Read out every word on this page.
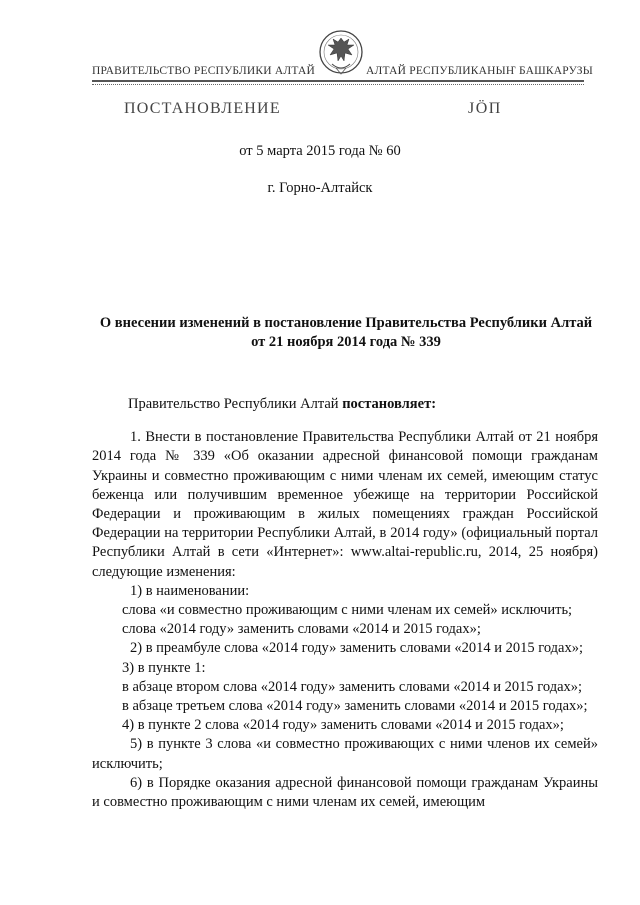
ПРАВИТЕЛЬСТВО РЕСПУБЛИКИ АЛТАЙ	АЛТАЙ РЕСПУБЛИКАНЫҤ БАШКАРУЗЫ
ПОСТАНОВЛЕНИЕ	JÖП
от 5 марта 2015 года № 60
г. Горно-Алтайск
О внесении изменений в постановление Правительства Республики Алтай от 21 ноября 2014 года № 339

Правительство Республики Алтай постановляет:

1. Внести в постановление Правительства Республики Алтай от 21 ноября 2014 года № 339 «Об оказании адресной финансовой помощи гражданам Украины и совместно проживающим с ними членам их семей, имеющим статус беженца или получившим временное убежище на территории Российской Федерации и проживающим в жилых помещениях граждан Российской Федерации на территории Республики Алтай, в 2014 году» (официальный портал Республики Алтай в сети «Интернет»: www.altai-republic.ru, 2014, 25 ноября) следующие изменения:

1) в наименовании:

слова «и совместно проживающим с ними членам их семей» исключить;

слова «2014 году» заменить словами «2014 и 2015 годах»;

2) в преамбуле слова «2014 году» заменить словами «2014 и 2015 годах»;

3) в пункте 1:

в абзаце втором слова «2014 году» заменить словами «2014 и 2015 годах»;

в абзаце третьем слова «2014 году» заменить словами «2014 и 2015 годах»;

4) в пункте 2 слова «2014 году» заменить словами «2014 и 2015 годах»;

5) в пункте 3 слова «и совместно проживающих с ними членов их семей» исключить;

6) в Порядке оказания адресной финансовой помощи гражданам Украины и совместно проживающим с ними членам их семей, имеющим
